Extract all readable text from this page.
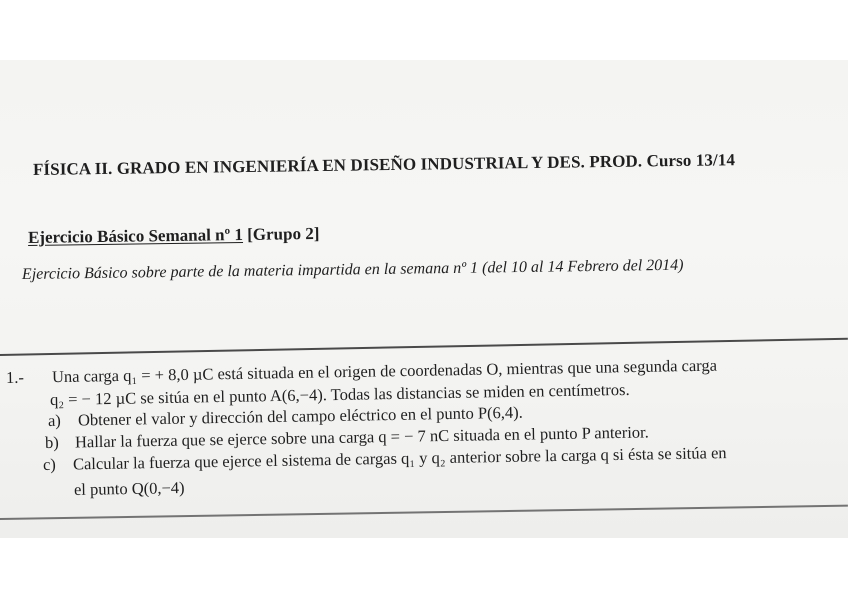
FÍSICA II. GRADO EN INGENIERÍA EN DISEÑO INDUSTRIAL Y DES. PROD. Curso 13/14
Ejercicio Básico Semanal nº 1 [Grupo 2]
Ejercicio Básico sobre parte de la materia impartida en la semana nº 1 (del 10 al 14 Febrero del 2014)
1.- Una carga q₁ = + 8,0 µC está situada en el origen de coordenadas O, mientras que una segunda carga
q₂ = − 12 µC se sitúa en el punto A(6,−4). Todas las distancias se miden en centímetros.
a) Obtener el valor y dirección del campo eléctrico en el punto P(6,4).
b) Hallar la fuerza que se ejerce sobre una carga q = − 7 nC situada en el punto P anterior.
c) Calcular la fuerza que ejerce el sistema de cargas q₁ y q₂ anterior sobre la carga q si ésta se sitúa en
el punto Q(0,−4)
